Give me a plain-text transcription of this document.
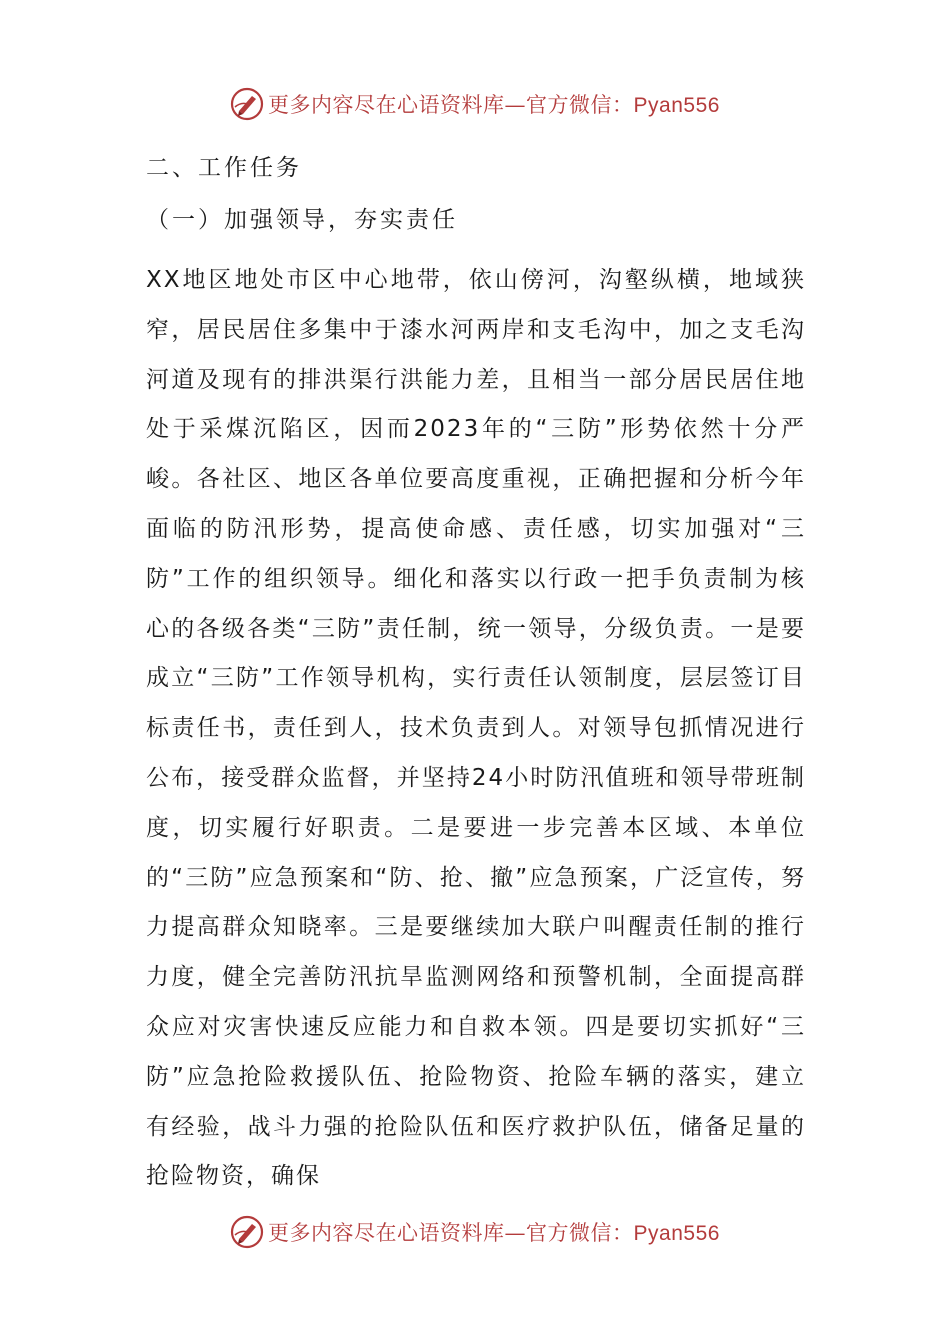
更多内容尽在心语资料库—官方微信：Pyan556
二、工作任务
（一）加强领导，夯实责任

XX地区地处市区中心地带，依山傍河，沟壑纵横，地域狭窄，居民居住多集中于漆水河两岸和支毛沟中，加之支毛沟河道及现有的排洪渠行洪能力差，且相当一部分居民居住地处于采煤沉陷区，因而2023年的“三防”形势依然十分严峻。各社区、地区各单位要高度重视，正确把握和分析今年面临的防汛形势，提高使命感、责任感，切实加强对“三防”工作的组织领导。细化和落实以行政一把手负责制为核心的各级各类“三防”责任制，统一领导，分级负责。一是要成立“三防”工作领导机构，实行责任认领制度，层层签订目标责任书，责任到人，技术负责到人。对领导包抓情况进行公布，接受群众监督，并坚持24小时防汛值班和领导带班制度，切实履行好职责。二是要进一步完善本区域、本单位的“三防”应急预案和“防、抢、撤”应急预案，广泛宣传，努力提高群众知晓率。三是要继续加大联户叫醒责任制的推行力度，健全完善防汛抗旱监测网络和预警机制，全面提高群众应对灾害快速反应能力和自救本领。四是要切实抓好“三防”应急抢险救援队伍、抢险物资、抢险车辆的落实，建立有经验，战斗力强的抢险队伍和医疗救护队伍，储备足量的抢险物资，确保

更多内容尽在心语资料库—官方微信：Pyan556
